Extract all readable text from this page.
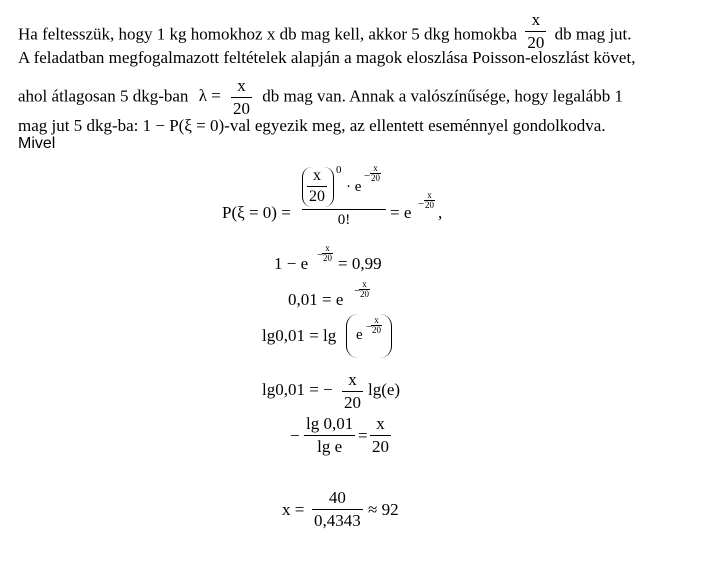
Ha feltesszük, hogy 1 kg homokhoz x db mag kell, akkor 5 dkg homokba $\frac{x}{20}$ db mag jut.
A feladatban megfogalmazott feltételek alapján a magok eloszlása Poisson-eloszlást követ,
ahol átlagosan 5 dkg-ban $\lambda = \frac{x}{20}$ db mag van. Annak a valószínűsége, hogy legalább 1
mag jut 5 dkg-ba: 1 − P(ξ = 0)-val egyezik meg, az ellentett eseménnyel gondolkodva.
Mivel
P(ξ = 0) =
$\frac{x}{20} 0$
· e
− $\frac{x}{20}$
0!	= $e - \frac{x}{20}$
,
1 − e −
$\frac{x}{20}$
= 0,99
0,01 = e −
$\frac{x}{20}$
lg0,01 = lg e −
$\frac{x}{20}$
lg0,01 = − $\frac{x}{20} \lg(e)$
− $\frac{\lg 0,01}{\text{lg e}} = \frac{x}{20}$
$x = \frac{40}{0,4343} \approx 92$
